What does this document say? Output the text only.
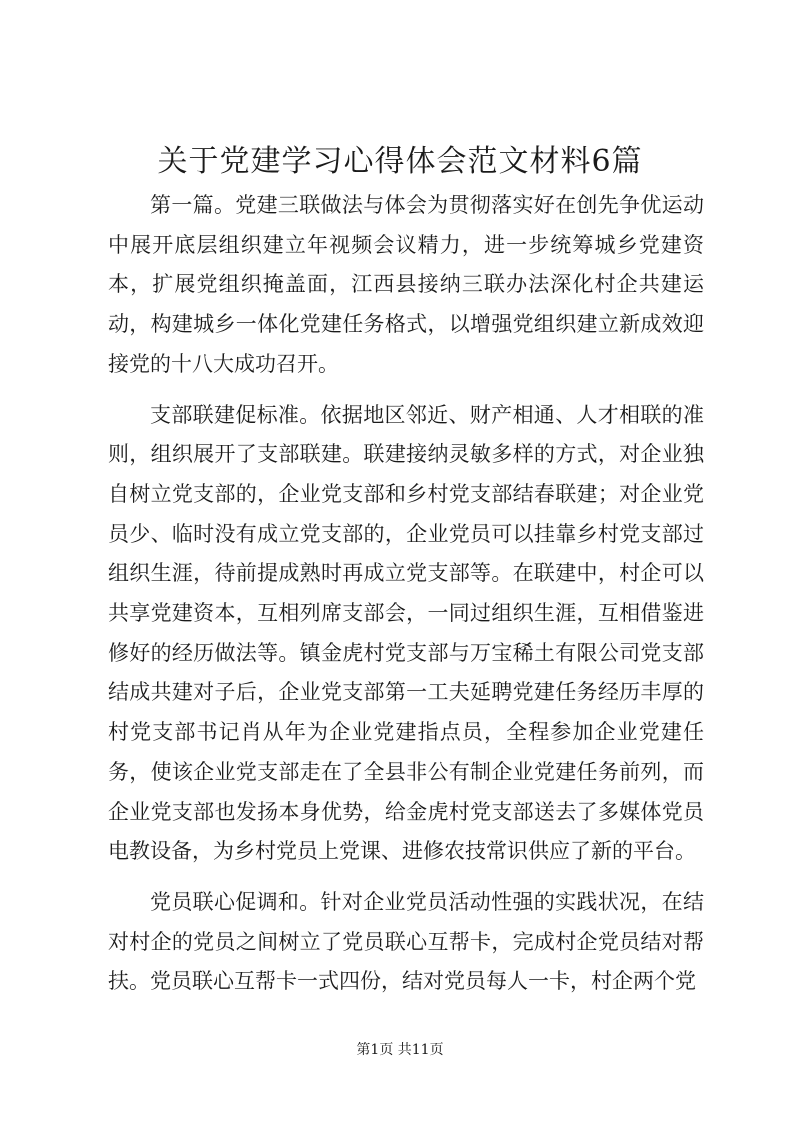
关于党建学习心得体会范文材料6篇

第一篇。党建三联做法与体会为贯彻落实好在创先争优运动中展开底层组织建立年视频会议精力，进一步统筹城乡党建资本，扩展党组织掩盖面，江西县接纳三联办法深化村企共建运动，构建城乡一体化党建任务格式，以增强党组织建立新成效迎接党的十八大成功召开。

支部联建促标准。依据地区邻近、财产相通、人才相联的准则，组织展开了支部联建。联建接纳灵敏多样的方式，对企业独自树立党支部的，企业党支部和乡村党支部结春联建；对企业党员少、临时没有成立党支部的，企业党员可以挂靠乡村党支部过组织生涯，待前提成熟时再成立党支部等。在联建中，村企可以共享党建资本，互相列席支部会，一同过组织生涯，互相借鉴进修好的经历做法等。镇金虎村党支部与万宝稀土有限公司党支部结成共建对子后，企业党支部第一工夫延聘党建任务经历丰厚的村党支部书记肖从年为企业党建指点员，全程参加企业党建任务，使该企业党支部走在了全县非公有制企业党建任务前列，而企业党支部也发扬本身优势，给金虎村党支部送去了多媒体党员电教设备，为乡村党员上党课、进修农技常识供应了新的平台。

党员联心促调和。针对企业党员活动性强的实践状况，在结对村企的党员之间树立了党员联心互帮卡，完成村企党员结对帮扶。党员联心互帮卡一式四份，结对党员每人一卡，村企两个党

第1页 共11页
